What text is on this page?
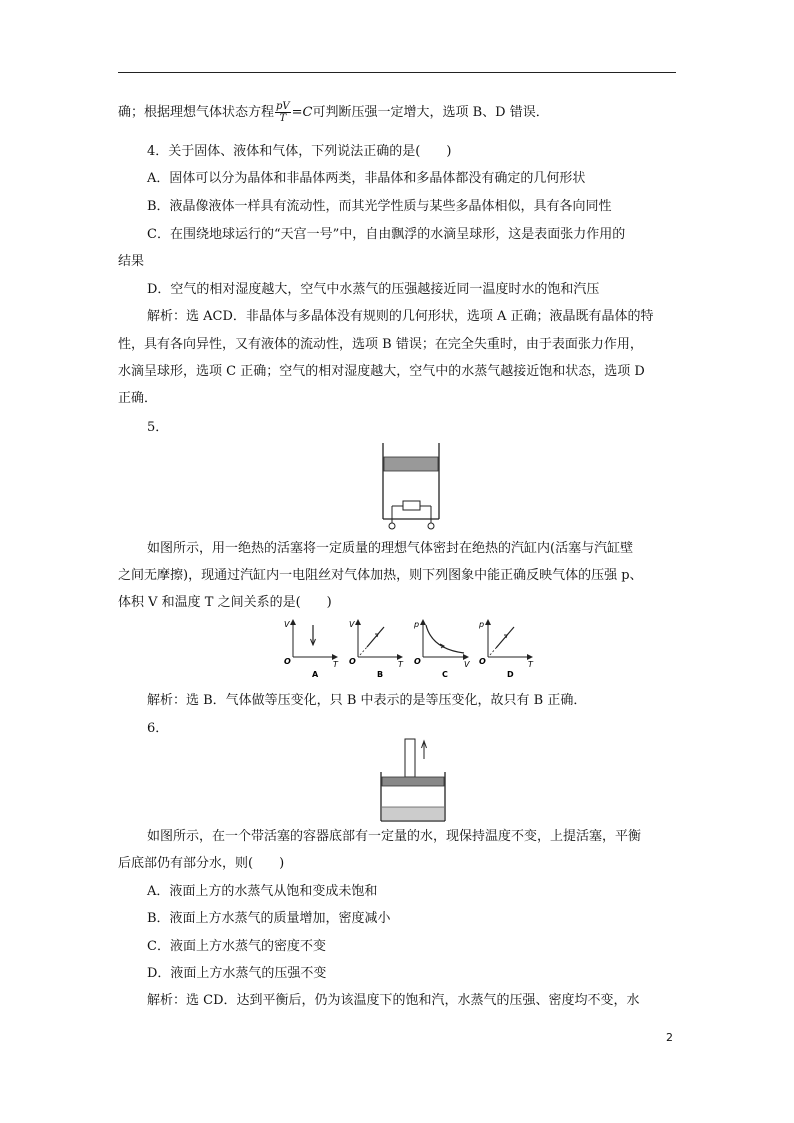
确；根据理想气体状态方程 $\frac{pV}{T} =C$可判断压强一定增大，选项 B、D 错误．
4．关于固体、液体和气体，下列说法正确的是(　　)
A．固体可以分为晶体和非晶体两类，非晶体和多晶体都没有确定的几何形状
B．液晶像液体一样具有流动性，而其光学性质与某些多晶体相似，具有各向同性
C．在围绕地球运行的“天宫一号”中，自由飘浮的水滴呈球形，这是表面张力作用的
结果
D．空气的相对湿度越大，空气中水蒸气的压强越接近同一温度时水的饱和汽压
解析：选 ACD．非晶体与多晶体没有规则的几何形状，选项 A 正确；液晶既有晶体的特
性，具有各向异性，又有液体的流动性，选项 B 错误；在完全失重时，由于表面张力作用，
水滴呈球形，选项 C 正确；空气的相对湿度越大，空气中的水蒸气越接近饱和状态，选项 D
正确．
5．
如图所示，用一绝热的活塞将一定质量的理想气体密封在绝热的汽缸内(活塞与汽缸壁
之间无摩擦)，现通过汽缸内一电阻丝对气体加热，则下列图象中能正确反映气体的压强 p、
体积 V 和温度 T 之间关系的是(　　)
V
O	T
A
V
O	T
B
p
O	V
C
p
O	T
D
解析：选 B．气体做等压变化，只 B 中表示的是等压变化，故只有 B 正确．
6．
如图所示，在一个带活塞的容器底部有一定量的水，现保持温度不变，上提活塞，平衡
后底部仍有部分水，则(　　)
A．液面上方的水蒸气从饱和变成未饱和
B．液面上方水蒸气的质量增加，密度减小
C．液面上方水蒸气的密度不变
D．液面上方水蒸气的压强不变
解析：选 CD．达到平衡后，仍为该温度下的饱和汽，水蒸气的压强、密度均不变，水
2
